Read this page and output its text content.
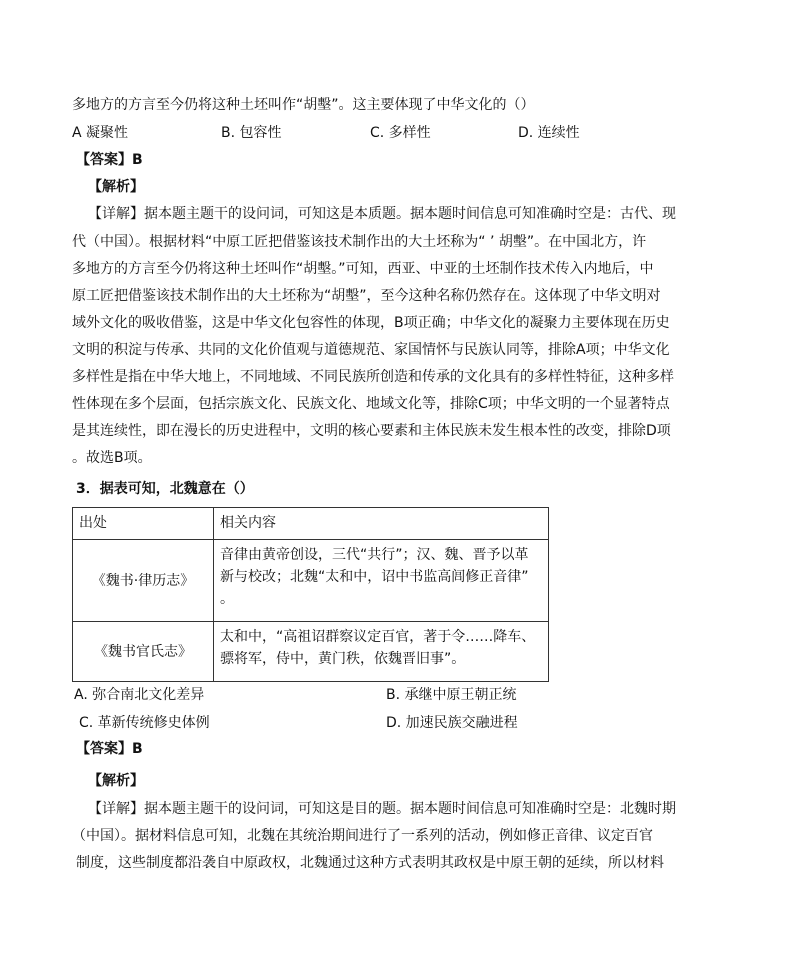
多地方的方言至今仍将这种土坯叫作“胡墼”。这主要体现了中华文化的（）
A 凝聚性	B. 包容性	C. 多样性	D. 连续性
【答案】B
【解析】
【详解】据本题主题干的设问词，可知这是本质题。据本题时间信息可知准确时空是：古代、现
代（中国）。根据材料“中原工匠把借鉴该技术制作出的大土坯称为“ ’ 胡墼”。在中国北方，许
多地方的方言至今仍将这种土坯叫作“胡墼。”可知，西亚、中亚的土坯制作技术传入内地后，中
原工匠把借鉴该技术制作出的大土坯称为“胡墼”，至今这种名称仍然存在。这体现了中华文明对
域外文化的吸收借鉴，这是中华文化包容性的体现，B项正确；中华文化的凝聚力主要体现在历史
文明的积淀与传承、共同的文化价值观与道德规范、家国情怀与民族认同等，排除A项；中华文化
多样性是指在中华大地上，不同地域、不同民族所创造和传承的文化具有的多样性特征，这种多样
性体现在多个层面，包括宗族文化、民族文化、地域文化等，排除C项；中华文明的一个显著特点
是其连续性，即在漫长的历史进程中，文明的核心要素和主体民族未发生根本性的改变，排除D项
。故选B项。
3．据表可知，北魏意在（）
出处	相关内容
《魏书·律历志》	音律由黄帝创设，三代“共行”；汉、魏、晋予以革
新与校改；北魏“太和中，诏中书监高闾修正音律”
。

《魏书官氏志》	太和中，“高祖诏群察议定百官，著于令……降车、
骠将军，侍中，黄门秩，依魏晋旧事”。
A. 弥合南北文化差异	B. 承继中原王朝正统
C. 革新传统修史体例	D. 加速民族交融进程
【答案】B
【解析】
【详解】据本题主题干的设问词，可知这是目的题。据本题时间信息可知准确时空是：北魏时期
（中国）。据材料信息可知，北魏在其统治期间进行了一系列的活动，例如修正音律、议定百官
制度，这些制度都沿袭自中原政权，北魏通过这种方式表明其政权是中原王朝的延续，所以材料
